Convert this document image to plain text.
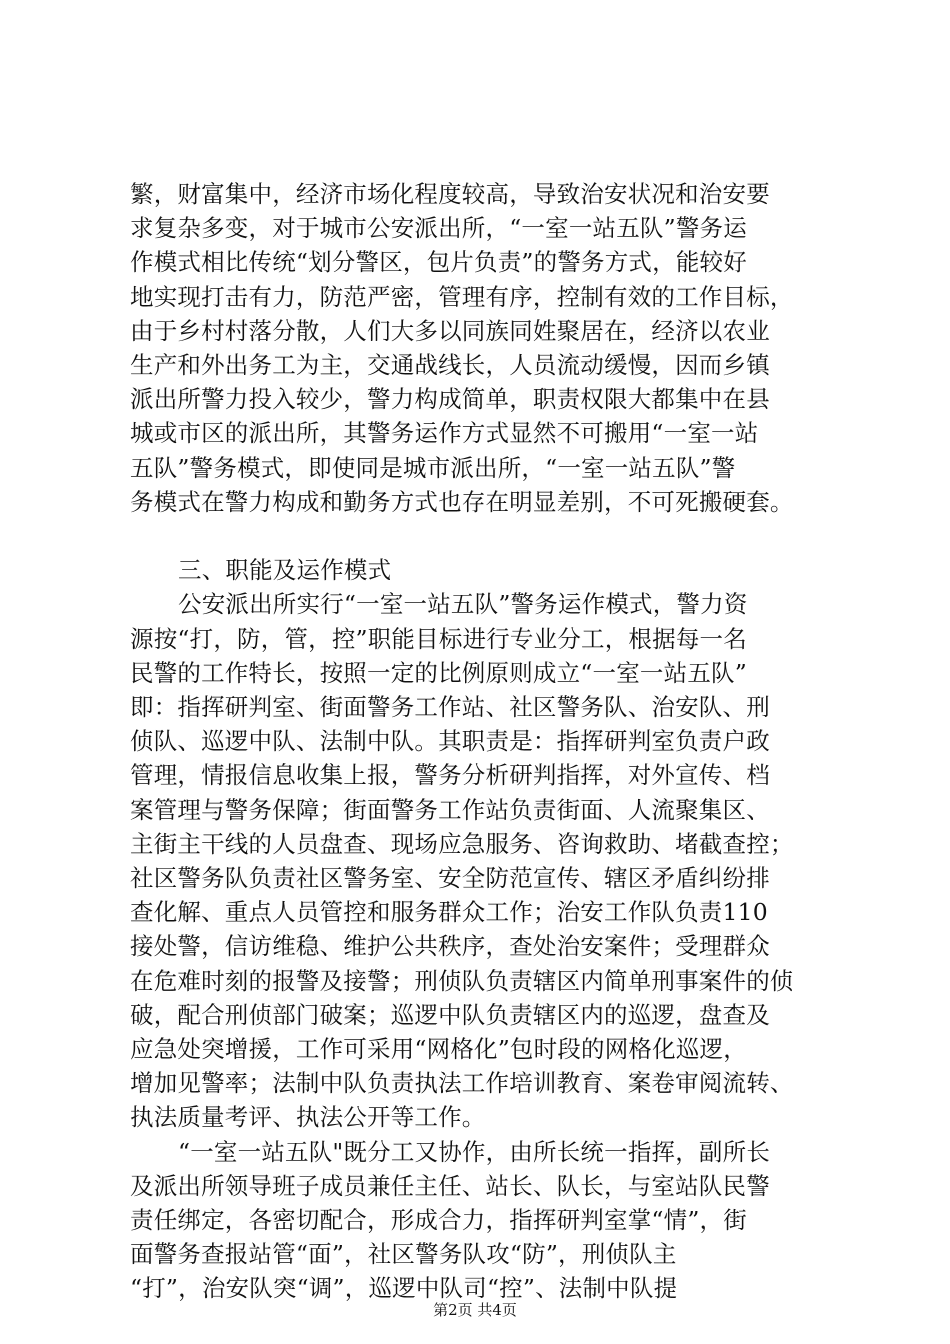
繁，财富集中，经济市场化程度较高，导致治安状况和治安要
求复杂多变，对于城市公安派出所，“一室一站五队”警务运
作模式相比传统“划分警区，包片负责”的警务方式，能较好
地实现打击有力，防范严密，管理有序，控制有效的工作目标，
由于乡村村落分散，人们大多以同族同姓聚居在，经济以农业
生产和外出务工为主，交通战线长，人员流动缓慢，因而乡镇
派出所警力投入较少，警力构成简单，职责权限大都集中在县
城或市区的派出所，其警务运作方式显然不可搬用“一室一站
五队”警务模式，即使同是城市派出所，“一室一站五队”警
务模式在警力构成和勤务方式也存在明显差别，不可死搬硬套。
三、职能及运作模式
公安派出所实行“一室一站五队”警务运作模式，警力资
源按“打，防，管，控”职能目标进行专业分工，根据每一名
民警的工作特长，按照一定的比例原则成立“一室一站五队”
即：指挥研判室、街面警务工作站、社区警务队、治安队、刑
侦队、巡逻中队、法制中队。其职责是：指挥研判室负责户政
管理，情报信息收集上报，警务分析研判指挥，对外宣传、档
案管理与警务保障；街面警务工作站负责街面、人流聚集区、
主街主干线的人员盘查、现场应急服务、咨询救助、堵截查控；
社区警务队负责社区警务室、安全防范宣传、辖区矛盾纠纷排
查化解、重点人员管控和服务群众工作；治安工作队负责110
接处警，信访维稳、维护公共秩序，查处治安案件；受理群众
在危难时刻的报警及接警；刑侦队负责辖区内简单刑事案件的侦
破，配合刑侦部门破案；巡逻中队负责辖区内的巡逻，盘查及
应急处突增援，工作可采用“网格化”包时段的网格化巡逻，
增加见警率；法制中队负责执法工作培训教育、案卷审阅流转、
执法质量考评、执法公开等工作。
“一室一站五队"既分工又协作，由所长统一指挥，副所长
及派出所领导班子成员兼任主任、站长、队长，与室站队民警
责任绑定，各密切配合，形成合力，指挥研判室掌“情”，街
面警务查报站管“面”，社区警务队攻“防”，刑侦队主
“打”，治安队突“调”，巡逻中队司“控”、法制中队提
第2页 共4页
